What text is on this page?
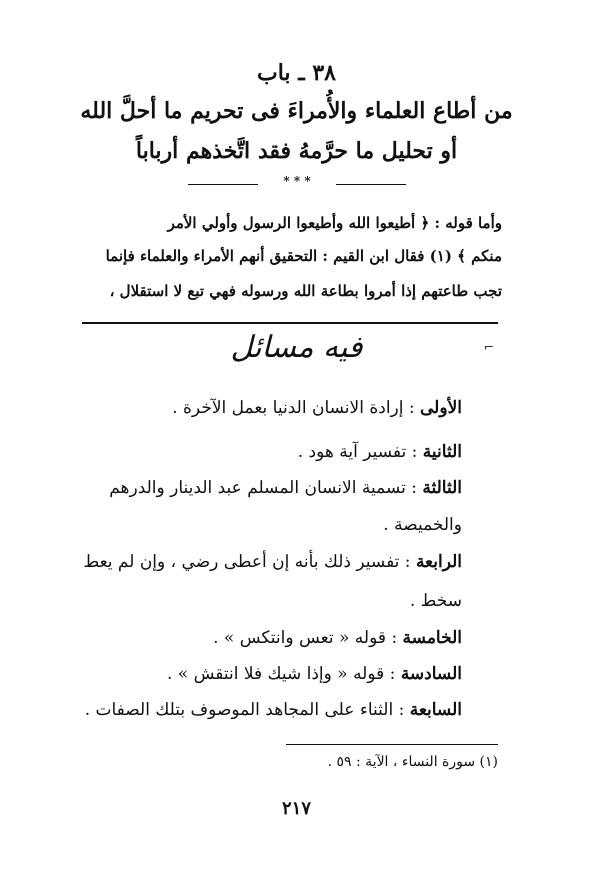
٣٨ ـ باب
من أطاع العلماء والأُمراءَ فى تحريم ما أحلَّ الله
أو تحليل ما حرَّمهُ فقد اتَّخذهم أرباباً
* * *
وأما قوله : ﴿ أطيعوا الله وأطيعوا الرسول وأولي الأمر
منكم ﴾ (١) فقال ابن القيم : التحقيق أنهم الأمراء والعلماء فإنما
تجب طاعتهم إذا أمروا بطاعة الله ورسوله فهي تبع لا استقلال ،
فيه مسائل	⌐
الأولى : إرادة الانسان الدنيا بعمل الآخرة .
الثانية : تفسير آية هود .
الثالثة : تسمية الانسان المسلم عبد الدينار والدرهم
والخميصة .
الرابعة : تفسير ذلك بأنه إن أعطى رضي ، وإن لم يعط
سخط .
الخامسة : قوله « تعس وانتكس » .
السادسة : قوله « وإذا شيك فلا انتقش » .
السابعة : الثناء على المجاهد الموصوف بتلك الصفات .
(١) سورة النساء ، الآية : ٥٩ .
٢١٧
